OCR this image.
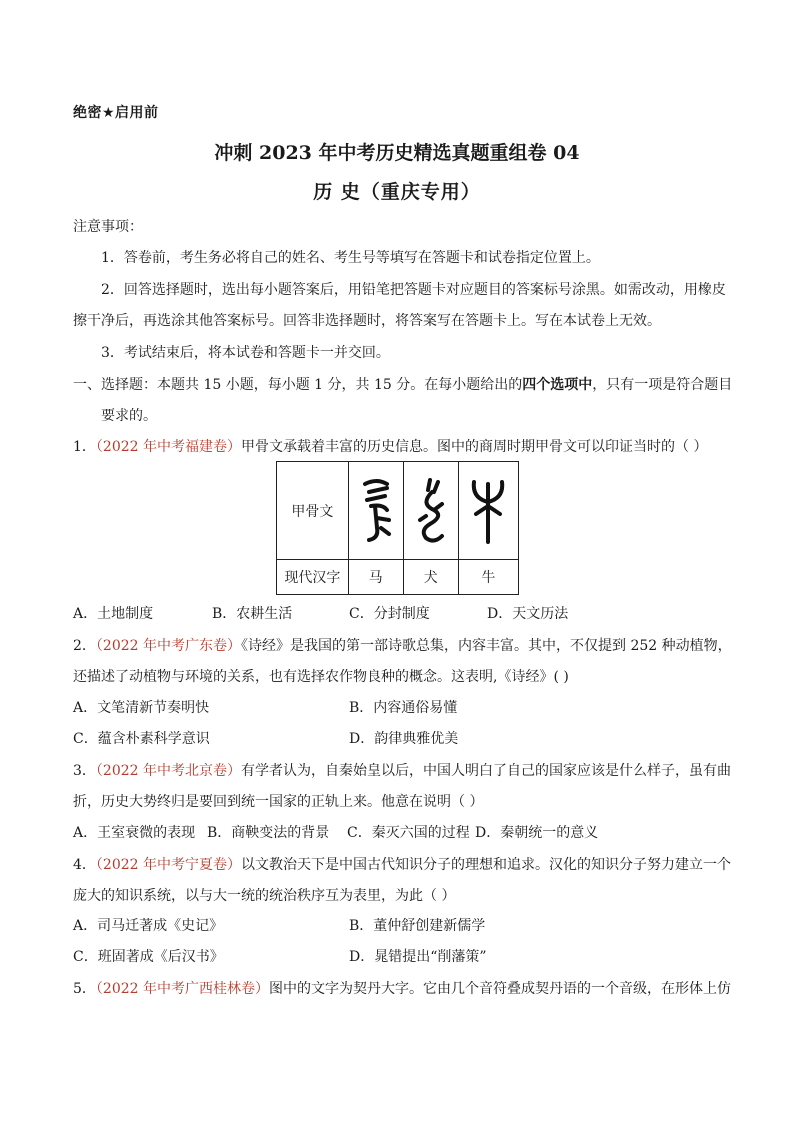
绝密★启用前
冲刺 2023 年中考历史精选真题重组卷 04
历 史（重庆专用）
注意事项：
1．答卷前，考生务必将自己的姓名、考生号等填写在答题卡和试卷指定位置上。
2．回答选择题时，选出每小题答案后，用铅笔把答题卡对应题目的答案标号涂黑。如需改动，用橡皮
擦干净后，再选涂其他答案标号。回答非选择题时，将答案写在答题卡上。写在本试卷上无效。
3．考试结束后，将本试卷和答题卡一并交回。
一、选择题：本题共 15 小题，每小题 1 分，共 15 分。在每小题给出的四个选项中，只有一项是符合题目
要求的。
1．（2022 年中考福建卷）甲骨文承载着丰富的历史信息。图中的商周时期甲骨文可以印证当时的（ ）
甲骨文	

现代汉字	马	犬	牛
A．土地制度	B．农耕生活	C．分封制度	D．天文历法
2．（2022 年中考广东卷）《诗经》是我国的第一部诗歌总集，内容丰富。其中，不仅提到 252 种动植物，
还描述了动植物与环境的关系，也有选择农作物良种的概念。这表明,《诗经》( )
A．文笔清新节奏明快	B．内容通俗易懂
C．蕴含朴素科学意识	D．韵律典雅优美
3．（2022 年中考北京卷）有学者认为，自秦始皇以后，中国人明白了自己的国家应该是什么样子，虽有曲
折，历史大势终归是要回到统一国家的正轨上来。他意在说明（ ）
A．王室衰微的表现 B．商鞅变法的背景 C．秦灭六国的过程 D．秦朝统一的意义
4．（2022 年中考宁夏卷）以文教治天下是中国古代知识分子的理想和追求。汉化的知识分子努力建立一个
庞大的知识系统，以与大一统的统治秩序互为表里，为此（ ）
A．司马迁著成《史记》	B．董仲舒创建新儒学
C．班固著成《后汉书》	D．晁错提出“削藩策”
5．（2022 年中考广西桂林卷）图中的文字为契丹大字。它由几个音符叠成契丹语的一个音级，在形体上仿
